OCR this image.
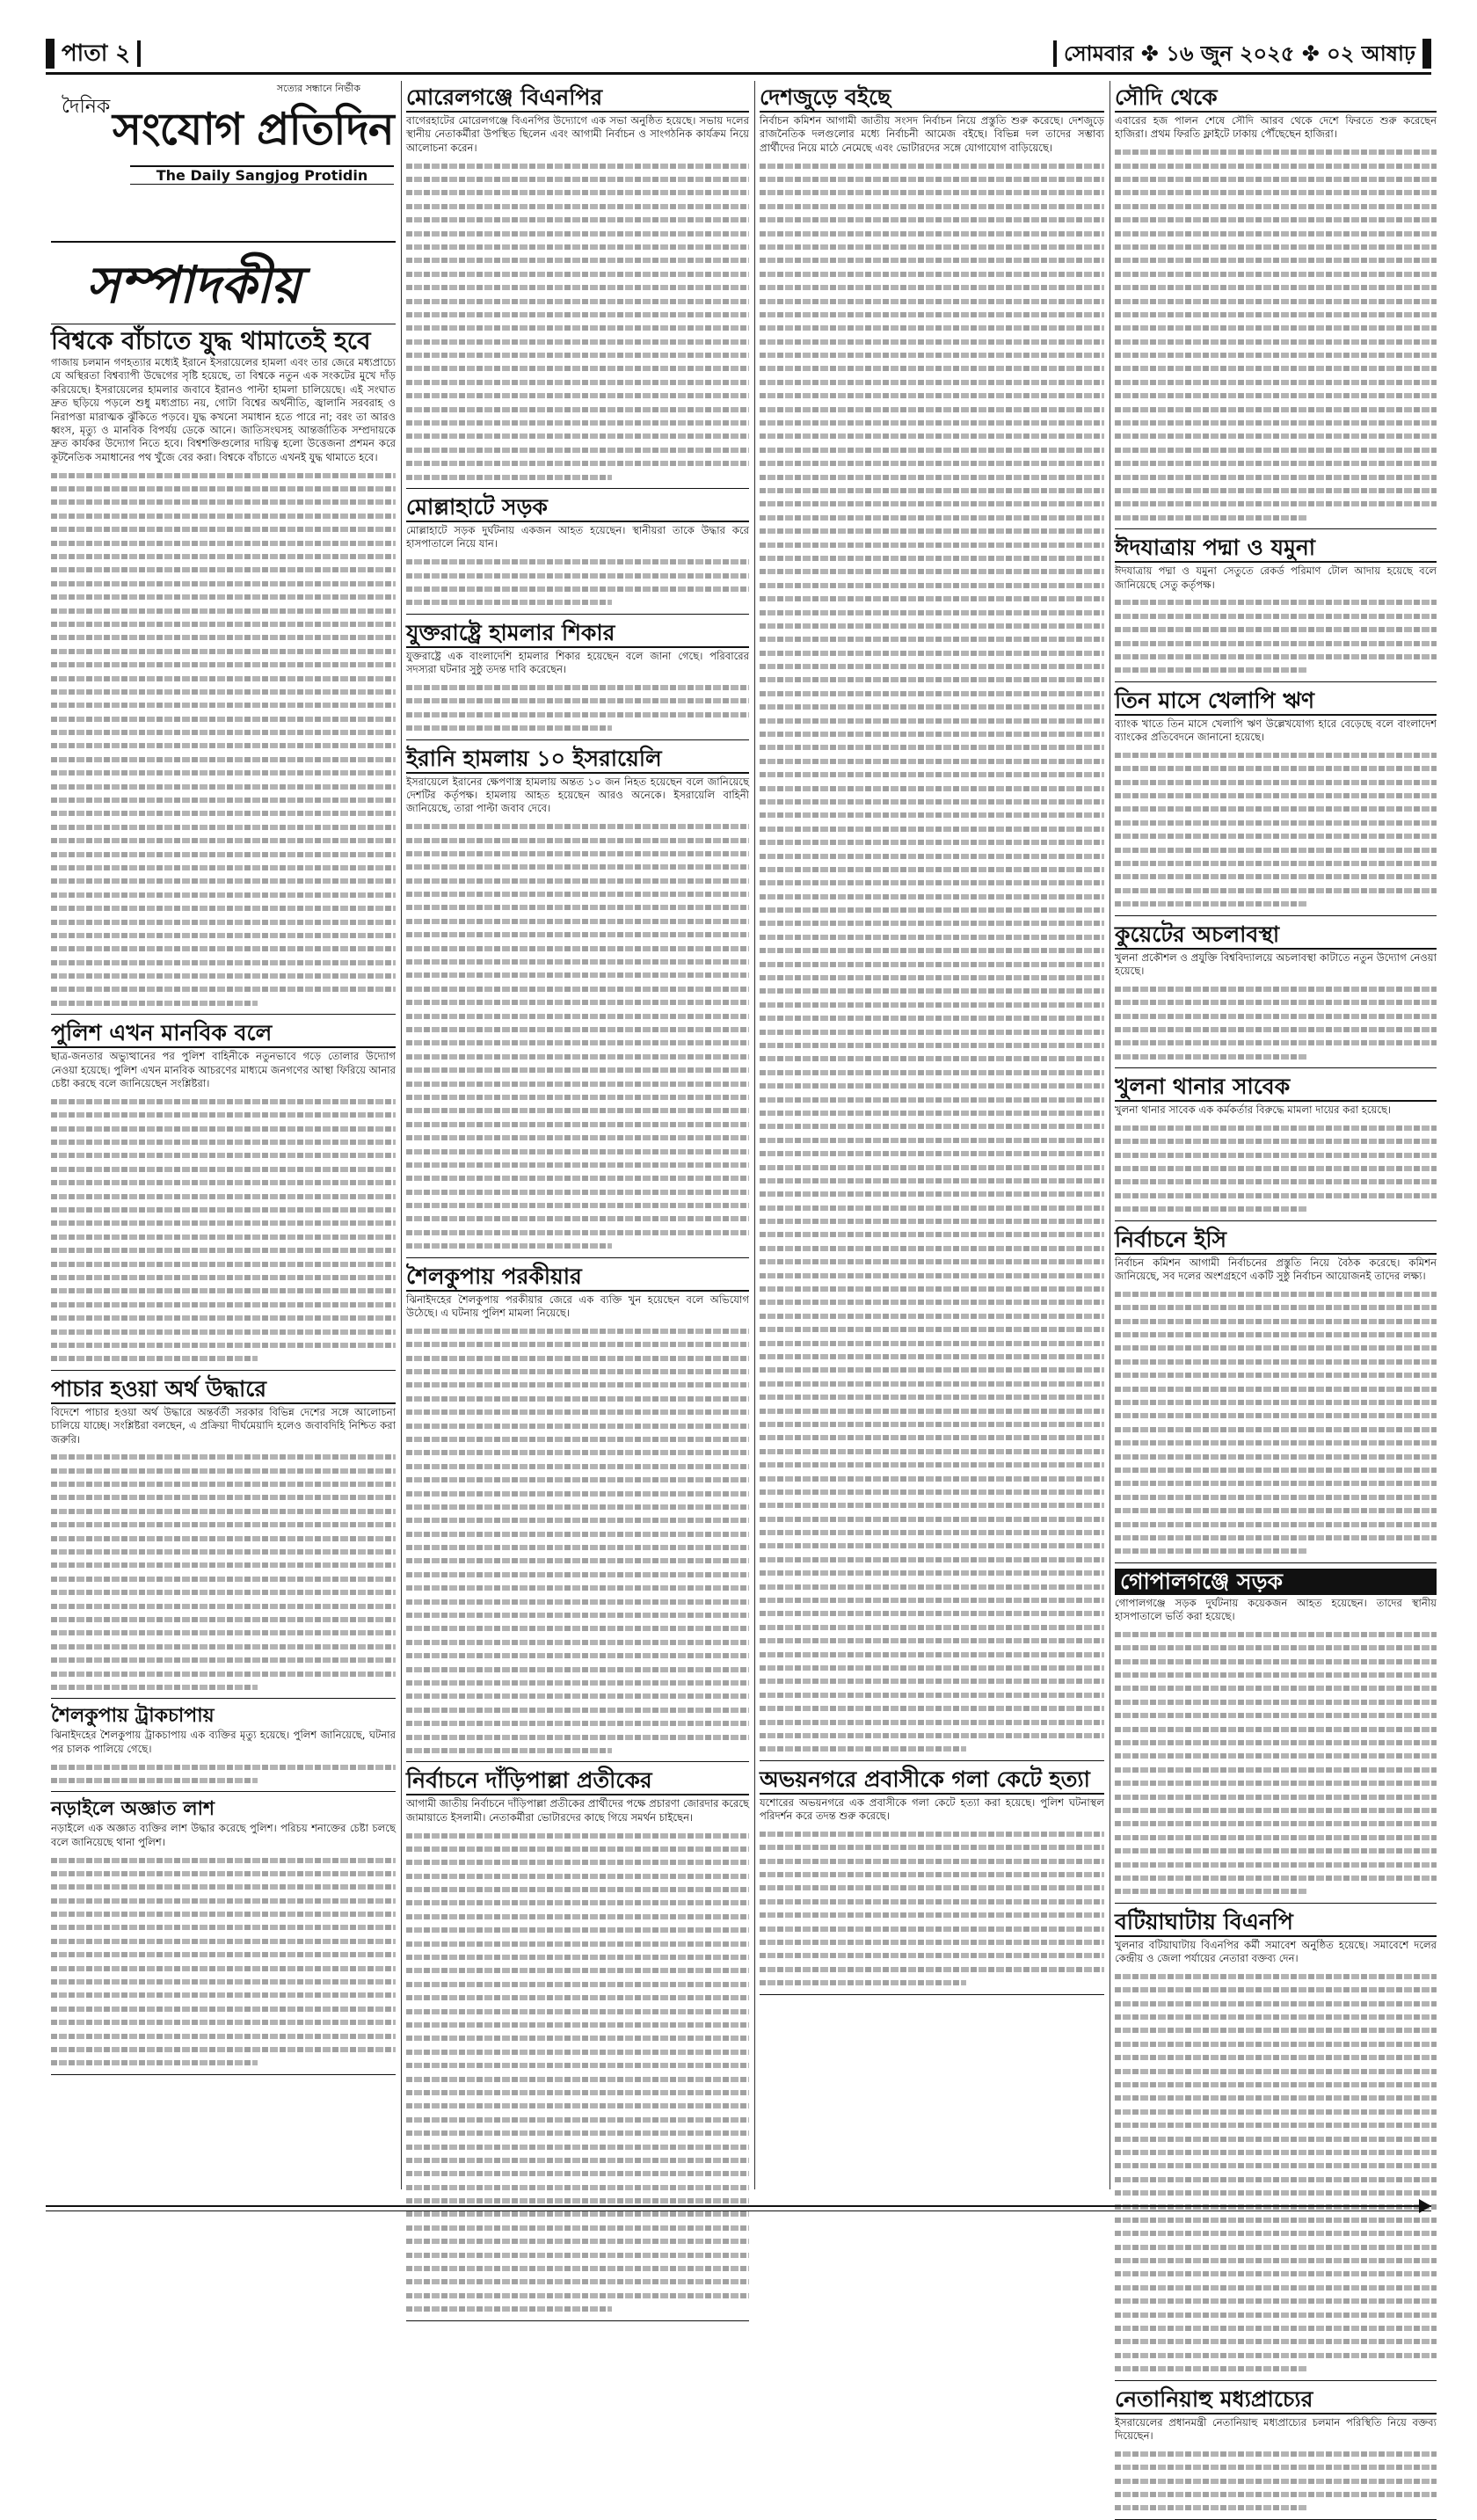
পাতা ২	সোমবার ✤ ১৬ জুন ২০২৫ ✤ ০২ আষাঢ়
সত্যের সন্ধানে নির্ভীক
দৈনিক সংযোগ প্রতিদিন
The Daily Sangjog Protidin
সম্পাদকীয়
বিশ্বকে বাঁচাতে যুদ্ধ থামাতেই হবে

গাজায় চলমান গণহত্যার মধ্যেই ইরানে ইসরায়েলের হামলা এবং তার জেরে মধ্যপ্রাচ্যে যে অস্থিরতা বিশ্বব্যাপী উদ্বেগের সৃষ্টি হয়েছে, তা বিশ্বকে নতুন এক সংকটের মুখে দাঁড় করিয়েছে। ইসরায়েলের হামলার জবাবে ইরানও পাল্টা হামলা চালিয়েছে। এই সংঘাত দ্রুত ছড়িয়ে পড়লে শুধু মধ্যপ্রাচ্য নয়, গোটা বিশ্বের অর্থনীতি, জ্বালানি সরবরাহ ও নিরাপত্তা মারাত্মক ঝুঁকিতে পড়বে। যুদ্ধ কখনো সমাধান হতে পারে না; বরং তা আরও ধ্বংস, মৃত্যু ও মানবিক বিপর্যয় ডেকে আনে। জাতিসংঘসহ আন্তর্জাতিক সম্প্রদায়কে দ্রুত কার্যকর উদ্যোগ নিতে হবে। বিশ্বশক্তিগুলোর দায়িত্ব হলো উত্তেজনা প্রশমন করে কূটনৈতিক সমাধানের পথ খুঁজে বের করা। বিশ্বকে বাঁচাতে এখনই যুদ্ধ থামাতে হবে।

পুলিশ এখন মানবিক বলে

ছাত্র-জনতার অভ্যুত্থানের পর পুলিশ বাহিনীকে নতুনভাবে গড়ে তোলার উদ্যোগ নেওয়া হয়েছে। পুলিশ এখন মানবিক আচরণের মাধ্যমে জনগণের আস্থা ফিরিয়ে আনার চেষ্টা করছে বলে জানিয়েছেন সংশ্লিষ্টরা।

পাচার হওয়া অর্থ উদ্ধারে

বিদেশে পাচার হওয়া অর্থ উদ্ধারে অন্তর্বর্তী সরকার বিভিন্ন দেশের সঙ্গে আলোচনা চালিয়ে যাচ্ছে। সংশ্লিষ্টরা বলছেন, এ প্রক্রিয়া দীর্ঘমেয়াদি হলেও জবাবদিহি নিশ্চিত করা জরুরি।

শৈলকুপায় ট্রাকচাপায়

ঝিনাইদহের শৈলকুপায় ট্রাকচাপায় এক ব্যক্তির মৃত্যু হয়েছে। পুলিশ জানিয়েছে, ঘটনার পর চালক পালিয়ে গেছে।

নড়াইলে অজ্ঞাত লাশ

নড়াইলে এক অজ্ঞাত ব্যক্তির লাশ উদ্ধার করেছে পুলিশ। পরিচয় শনাক্তের চেষ্টা চলছে বলে জানিয়েছে থানা পুলিশ।

মোরেলগঞ্জে বিএনপির

বাগেরহাটের মোরেলগঞ্জে বিএনপির উদ্যোগে এক সভা অনুষ্ঠিত হয়েছে। সভায় দলের স্থানীয় নেতাকর্মীরা উপস্থিত ছিলেন এবং আগামী নির্বাচন ও সাংগঠনিক কার্যক্রম নিয়ে আলোচনা করেন।

মোল্লাহাটে সড়ক

মোল্লাহাটে সড়ক দুর্ঘটনায় একজন আহত হয়েছেন। স্থানীয়রা তাকে উদ্ধার করে হাসপাতালে নিয়ে যান।

যুক্তরাষ্ট্রে হামলার শিকার

যুক্তরাষ্ট্রে এক বাংলাদেশি হামলার শিকার হয়েছেন বলে জানা গেছে। পরিবারের সদস্যরা ঘটনার সুষ্ঠু তদন্ত দাবি করেছেন।

ইরানি হামলায় ১০ ইসরায়েলি

ইসরায়েলে ইরানের ক্ষেপণাস্ত্র হামলায় অন্তত ১০ জন নিহত হয়েছেন বলে জানিয়েছে দেশটির কর্তৃপক্ষ। হামলায় আহত হয়েছেন আরও অনেকে। ইসরায়েলি বাহিনী জানিয়েছে, তারা পাল্টা জবাব দেবে।

শৈলকুপায় পরকীয়ার

ঝিনাইদহের শৈলকুপায় পরকীয়ার জেরে এক ব্যক্তি খুন হয়েছেন বলে অভিযোগ উঠেছে। এ ঘটনায় পুলিশ মামলা নিয়েছে।

নির্বাচনে দাঁড়িপাল্লা প্রতীকের

আগামী জাতীয় নির্বাচনে দাঁড়িপাল্লা প্রতীকের প্রার্থীদের পক্ষে প্রচারণা জোরদার করেছে জামায়াতে ইসলামী। নেতাকর্মীরা ভোটারদের কাছে গিয়ে সমর্থন চাইছেন।

দেশজুড়ে বইছে

নির্বাচন কমিশন আগামী জাতীয় সংসদ নির্বাচন নিয়ে প্রস্তুতি শুরু করেছে। দেশজুড়ে রাজনৈতিক দলগুলোর মধ্যে নির্বাচনী আমেজ বইছে। বিভিন্ন দল তাদের সম্ভাব্য প্রার্থীদের নিয়ে মাঠে নেমেছে এবং ভোটারদের সঙ্গে যোগাযোগ বাড়িয়েছে।

অভয়নগরে প্রবাসীকে গলা কেটে হত্যা

যশোরের অভয়নগরে এক প্রবাসীকে গলা কেটে হত্যা করা হয়েছে। পুলিশ ঘটনাস্থল পরিদর্শন করে তদন্ত শুরু করেছে।

সৌদি থেকে

এবারের হজ পালন শেষে সৌদি আরব থেকে দেশে ফিরতে শুরু করেছেন হাজিরা। প্রথম ফিরতি ফ্লাইটে ঢাকায় পৌঁছেছেন হাজিরা।

ঈদযাত্রায় পদ্মা ও যমুনা

ঈদযাত্রায় পদ্মা ও যমুনা সেতুতে রেকর্ড পরিমাণ টোল আদায় হয়েছে বলে জানিয়েছে সেতু কর্তৃপক্ষ।

তিন মাসে খেলাপি ঋণ

ব্যাংক খাতে তিন মাসে খেলাপি ঋণ উল্লেখযোগ্য হারে বেড়েছে বলে বাংলাদেশ ব্যাংকের প্রতিবেদনে জানানো হয়েছে।

কুয়েটের অচলাবস্থা

খুলনা প্রকৌশল ও প্রযুক্তি বিশ্ববিদ্যালয়ে অচলাবস্থা কাটাতে নতুন উদ্যোগ নেওয়া হয়েছে।

খুলনা থানার সাবেক

খুলনা থানার সাবেক এক কর্মকর্তার বিরুদ্ধে মামলা দায়ের করা হয়েছে।

নির্বাচনে ইসি

নির্বাচন কমিশন আগামী নির্বাচনের প্রস্তুতি নিয়ে বৈঠক করেছে। কমিশন জানিয়েছে, সব দলের অংশগ্রহণে একটি সুষ্ঠু নির্বাচন আয়োজনই তাদের লক্ষ্য।

গোপালগঞ্জে সড়ক

গোপালগঞ্জে সড়ক দুর্ঘটনায় কয়েকজন আহত হয়েছেন। তাদের স্থানীয় হাসপাতালে ভর্তি করা হয়েছে।

বটিয়াঘাটায় বিএনপি

খুলনার বটিয়াঘাটায় বিএনপির কর্মী সমাবেশ অনুষ্ঠিত হয়েছে। সমাবেশে দলের কেন্দ্রীয় ও জেলা পর্যায়ের নেতারা বক্তব্য দেন।

নেতানিয়াহু মধ্যপ্রাচ্যের

ইসরায়েলের প্রধানমন্ত্রী নেতানিয়াহু মধ্যপ্রাচ্যের চলমান পরিস্থিতি নিয়ে বক্তব্য দিয়েছেন।
